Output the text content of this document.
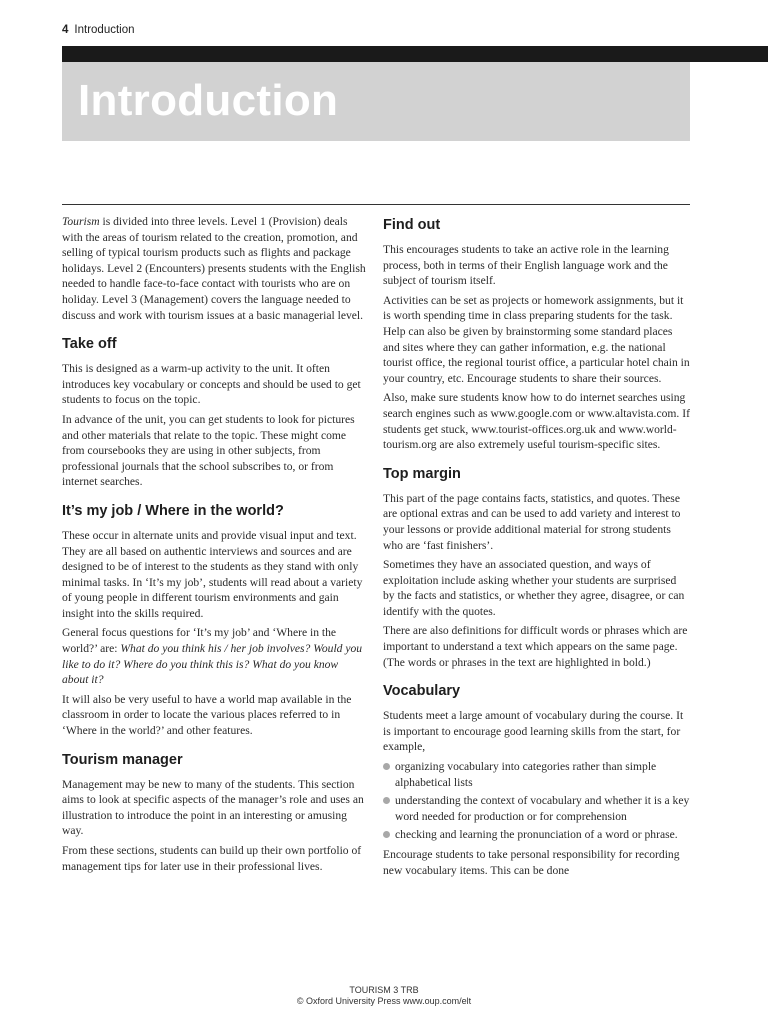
4 Introduction
Introduction

Tourism is divided into three levels. Level 1 (Provision) deals with the areas of tourism related to the creation, promotion, and selling of typical tourism products such as flights and package holidays. Level 2 (Encounters) presents students with the English needed to handle face-to-face contact with tourists who are on holiday. Level 3 (Management) covers the language needed to discuss and work with tourism issues at a basic managerial level.

Take off

This is designed as a warm-up activity to the unit. It often introduces key vocabulary or concepts and should be used to get students to focus on the topic.

In advance of the unit, you can get students to look for pictures and other materials that relate to the topic. These might come from coursebooks they are using in other subjects, from professional journals that the school subscribes to, or from internet searches.

It’s my job / Where in the world?

These occur in alternate units and provide visual input and text. They are all based on authentic interviews and sources and are designed to be of interest to the students as they stand with only minimal tasks. In ‘It’s my job’, students will read about a variety of young people in different tourism environments and gain insight into the skills required.

General focus questions for ‘It’s my job’ and ‘Where in the world?’ are: What do you think his / her job involves? Would you like to do it? Where do you think this is? What do you know about it?

It will also be very useful to have a world map available in the classroom in order to locate the various places referred to in ‘Where in the world?’ and other features.

Tourism manager

Management may be new to many of the students. This section aims to look at specific aspects of the manager’s role and uses an illustration to introduce the point in an interesting or amusing way.

From these sections, students can build up their own portfolio of management tips for later use in their professional lives.

Find out

This encourages students to take an active role in the learning process, both in terms of their English language work and the subject of tourism itself.

Activities can be set as projects or homework assignments, but it is worth spending time in class preparing students for the task. Help can also be given by brainstorming some standard places and sites where they can gather information, e.g. the national tourist office, the regional tourist office, a particular hotel chain in your country, etc. Encourage students to share their sources.

Also, make sure students know how to do internet searches using search engines such as www.google.com or www.altavista.com. If students get stuck, www.tourist-offices.org.uk and www.world-tourism.org are also extremely useful tourism-specific sites.

Top margin

This part of the page contains facts, statistics, and quotes. These are optional extras and can be used to add variety and interest to your lessons or provide additional material for strong students who are ‘fast finishers’.

Sometimes they have an associated question, and ways of exploitation include asking whether your students are surprised by the facts and statistics, or whether they agree, disagree, or can identify with the quotes.

There are also definitions for difficult words or phrases which are important to understand a text which appears on the same page. (The words or phrases in the text are highlighted in bold.)

Vocabulary

Students meet a large amount of vocabulary during the course. It is important to encourage good learning skills from the start, for example,

organizing vocabulary into categories rather than simple alphabetical lists
understanding the context of vocabulary and whether it is a key word needed for production or for comprehension
checking and learning the pronunciation of a word or phrase.

Encourage students to take personal responsibility for recording new vocabulary items. This can be done

TOURISM 3 TRB
© Oxford University Press www.oup.com/elt
